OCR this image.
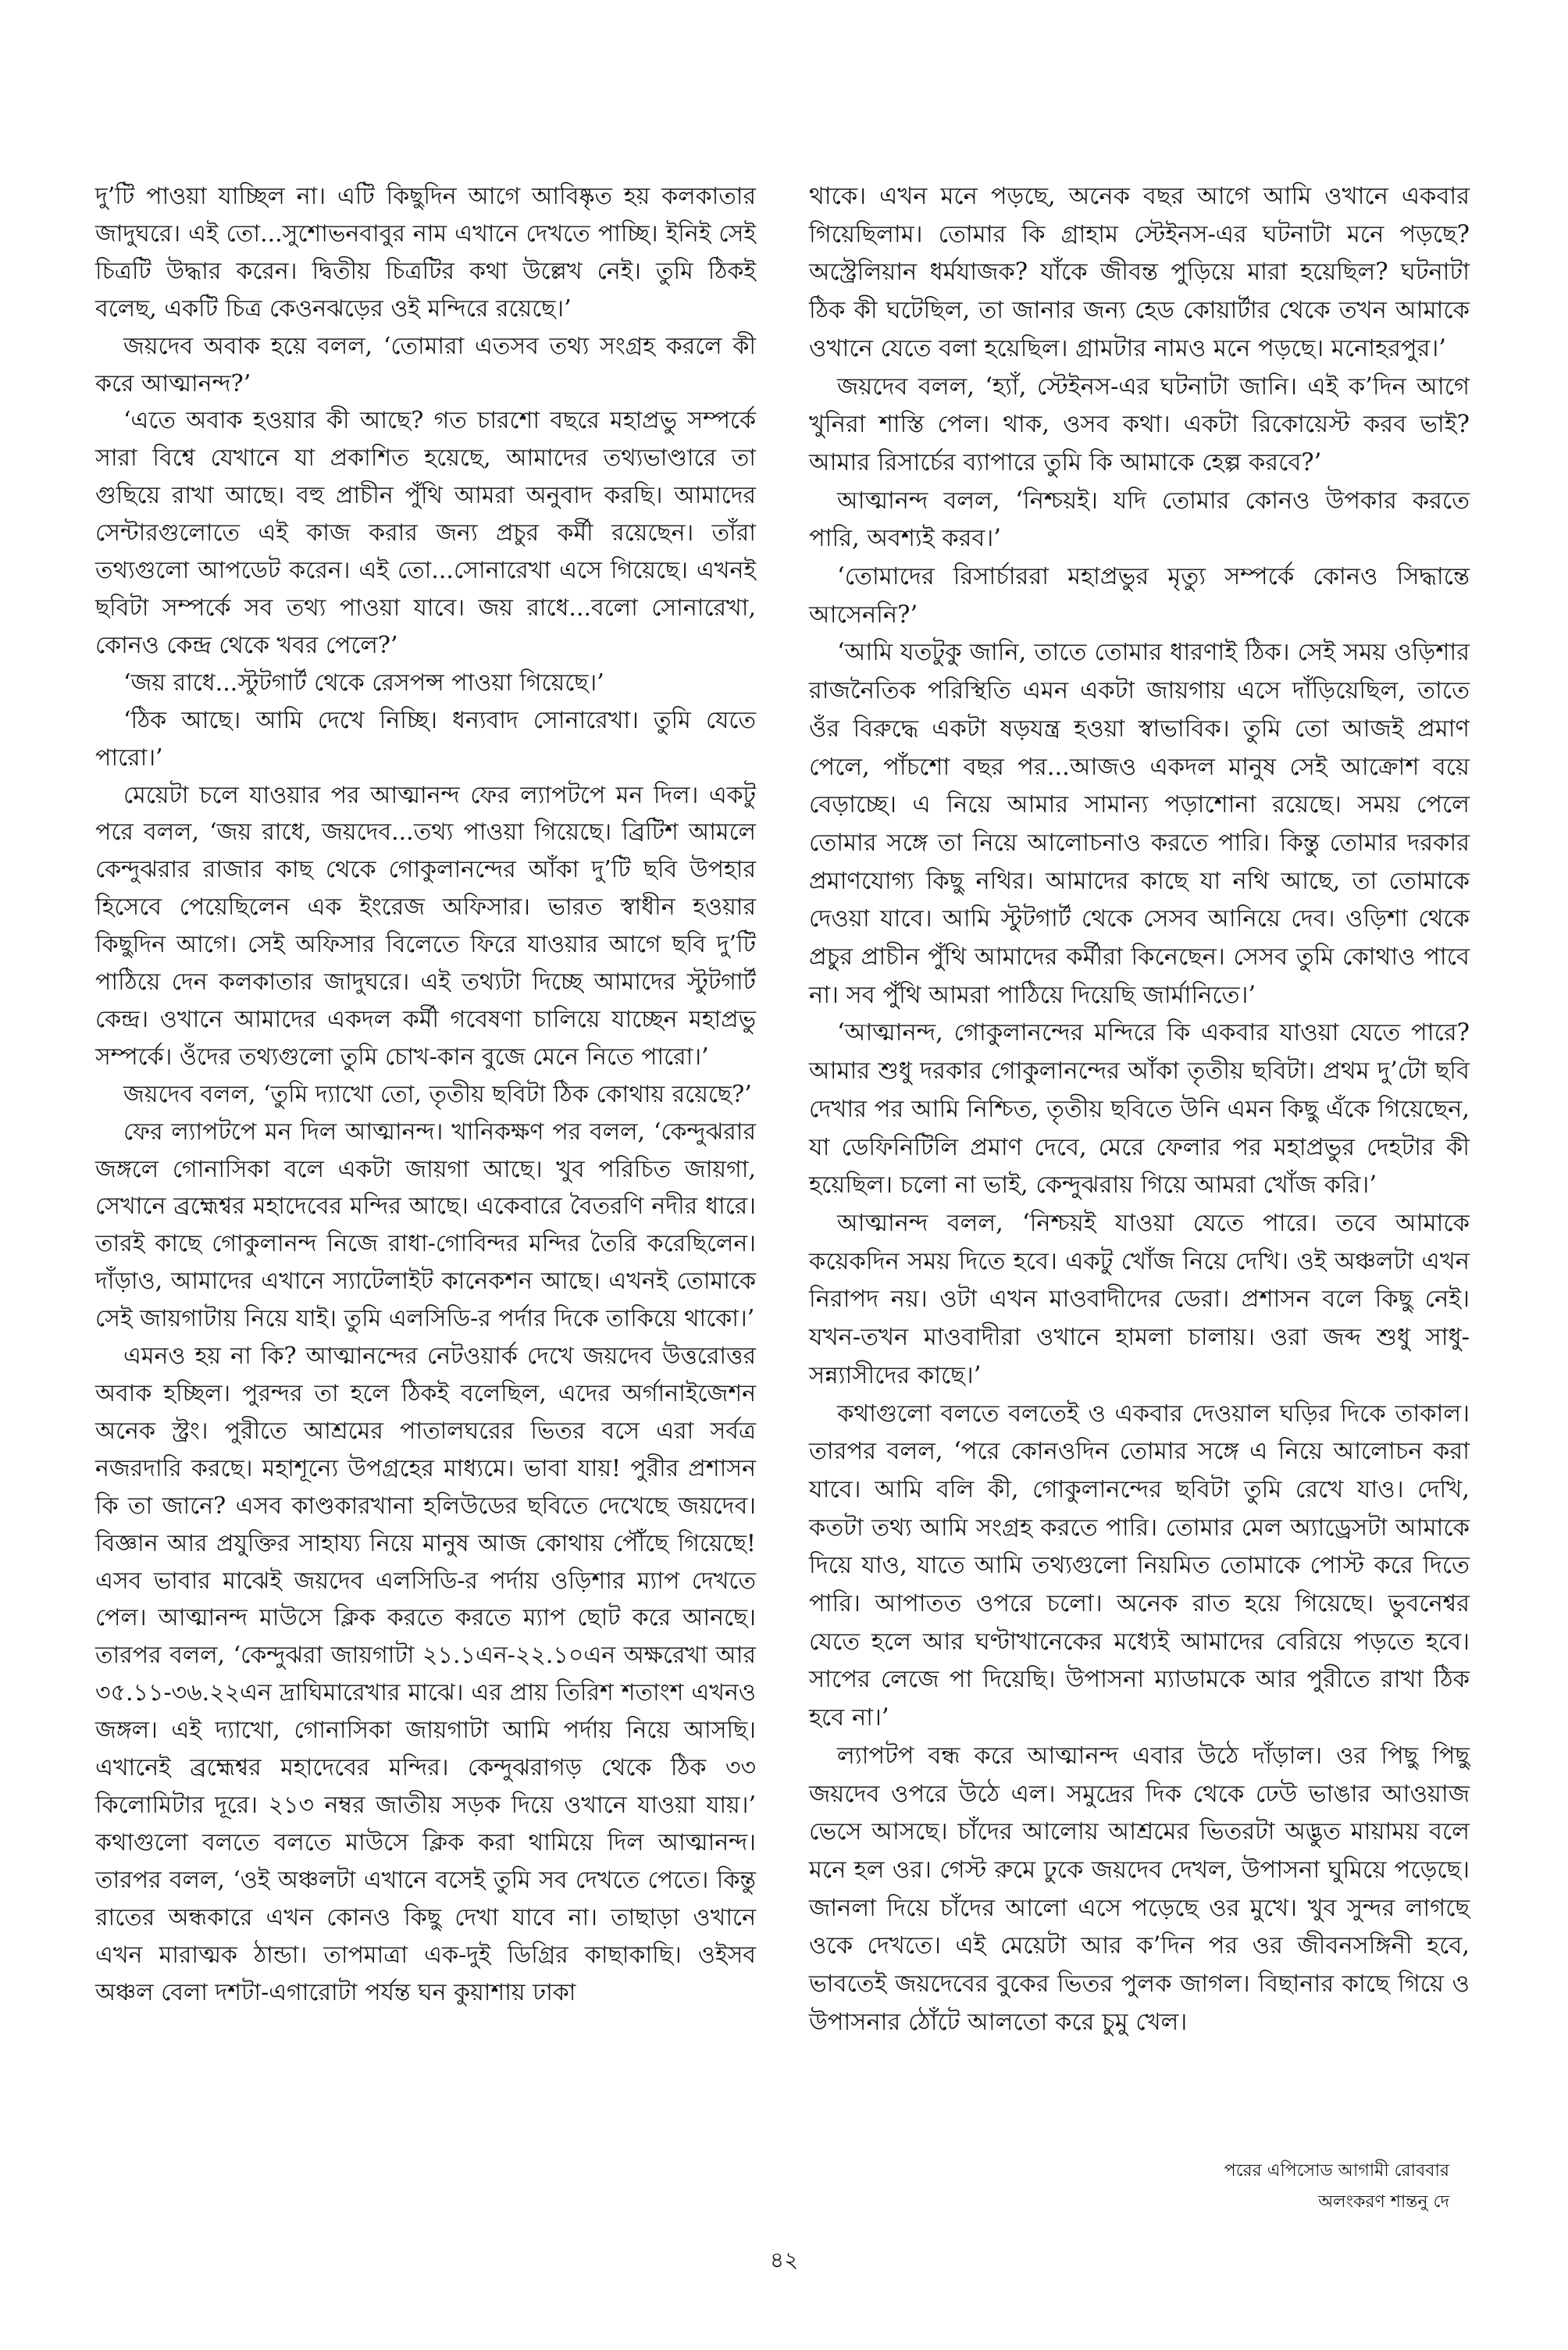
দু’টি পাওয়া যাচ্ছিল না। এটি কিছুদিন আগে আবিষ্কৃত হয় কলকাতার জাদুঘরে। এই তো...সুশোভনবাবুর নাম এখানে দেখতে পাচ্ছি। ইনিই সেই চিত্রটি উদ্ধার করেন। দ্বিতীয় চিত্রটির কথা উল্লেখ নেই। তুমি ঠিকই বলেছ, একটি চিত্র কেওনঝড়ের ওই মন্দিরে রয়েছে।’

জয়দেব অবাক হয়ে বলল, ‘তোমারা এতসব তথ্য সংগ্রহ করলে কী করে আত্মানন্দ?’

‘এতে অবাক হওয়ার কী আছে? গত চারশো বছরে মহাপ্রভু সম্পর্কে সারা বিশ্বে যেখানে যা প্রকাশিত হয়েছে, আমাদের তথ্যভাণ্ডারে তা গুছিয়ে রাখা আছে। বহু প্রাচীন পুঁথি আমরা অনুবাদ করছি। আমাদের সেন্টারগুলোতে এই কাজ করার জন্য প্রচুর কর্মী রয়েছেন। তাঁরা তথ্যগুলো আপডেট করেন। এই তো...সোনারেখা এসে গিয়েছে। এখনই ছবিটা সম্পর্কে সব তথ্য পাওয়া যাবে। জয় রাধে...বলো সোনারেখা, কোনও কেন্দ্র থেকে খবর পেলে?’

‘জয় রাধে...স্টুটগার্ট থেকে রেসপন্স পাওয়া গিয়েছে।’

‘ঠিক আছে। আমি দেখে নিচ্ছি। ধন্যবাদ সোনারেখা। তুমি যেতে পারো।’

মেয়েটা চলে যাওয়ার পর আত্মানন্দ ফের ল্যাপটপে মন দিল। একটু পরে বলল, ‘জয় রাধে, জয়দেব...তথ্য পাওয়া গিয়েছে। ব্রিটিশ আমলে কেন্দুঝরার রাজার কাছ থেকে গোকুলানন্দের আঁকা দু’টি ছবি উপহার হিসেবে পেয়েছিলেন এক ইংরেজ অফিসার। ভারত স্বাধীন হওয়ার কিছুদিন আগে। সেই অফিসার বিলেতে ফিরে যাওয়ার আগে ছবি দু’টি পাঠিয়ে দেন কলকাতার জাদুঘরে। এই তথ্যটা দিচ্ছে আমাদের স্টুটগার্ট কেন্দ্র। ওখানে আমাদের একদল কর্মী গবেষণা চালিয়ে যাচ্ছেন মহাপ্রভু সম্পর্কে। ওঁদের তথ্যগুলো তুমি চোখ-কান বুজে মেনে নিতে পারো।’

জয়দেব বলল, ‘তুমি দ্যাখো তো, তৃতীয় ছবিটা ঠিক কোথায় রয়েছে?’

ফের ল্যাপটপে মন দিল আত্মানন্দ। খানিকক্ষণ পর বলল, ‘কেন্দুঝরার জঙ্গলে গোনাসিকা বলে একটা জায়গা আছে। খুব পরিচিত জায়গা, সেখানে ব্রহ্মেশ্বর মহাদেবের মন্দির আছে। একেবারে বৈতরণি নদীর ধারে। তারই কাছে গোকুলানন্দ নিজে রাধা-গোবিন্দর মন্দির তৈরি করেছিলেন। দাঁড়াও, আমাদের এখানে স্যাটেলাইট কানেকশন আছে। এখনই তোমাকে সেই জায়গাটায় নিয়ে যাই। তুমি এলসিডি-র পর্দার দিকে তাকিয়ে থাকো।’

এমনও হয় না কি? আত্মানন্দের নেটওয়ার্ক দেখে জয়দেব উত্তরোত্তর অবাক হচ্ছিল। পুরন্দর তা হলে ঠিকই বলেছিল, এদের অর্গানাইজেশন অনেক স্ট্রং। পুরীতে আশ্রমের পাতালঘরের ভিতর বসে এরা সর্বত্র নজরদারি করছে। মহাশূন্যে উপগ্রহের মাধ্যমে। ভাবা যায়! পুরীর প্রশাসন কি তা জানে? এসব কাণ্ডকারখানা হলিউডের ছবিতে দেখেছে জয়দেব। বিজ্ঞান আর প্রযুক্তির সাহায্য নিয়ে মানুষ আজ কোথায় পৌঁছে গিয়েছে! এসব ভাবার মাঝেই জয়দেব এলসিডি-র পর্দায় ওড়িশার ম্যাপ দেখতে পেল। আত্মানন্দ মাউসে ক্লিক করতে করতে ম্যাপ ছোট করে আনছে। তারপর বলল, ‘কেন্দুঝরা জায়গাটা ২১.১এন-২২.১০এন অক্ষরেখা আর ৩৫.১১-৩৬.২২এন দ্রাঘিমারেখার মাঝে। এর প্রায় তিরিশ শতাংশ এখনও জঙ্গল। এই দ্যাখো, গোনাসিকা জায়গাটা আমি পর্দায় নিয়ে আসছি। এখানেই ব্রহ্মেশ্বর মহাদেবের মন্দির। কেন্দুঝরাগড় থেকে ঠিক ৩৩ কিলোমিটার দূরে। ২১৩ নম্বর জাতীয় সড়ক দিয়ে ওখানে যাওয়া যায়।’ কথাগুলো বলতে বলতে মাউসে ক্লিক করা থামিয়ে দিল আত্মানন্দ। তারপর বলল, ‘ওই অঞ্চলটা এখানে বসেই তুমি সব দেখতে পেতে। কিন্তু রাতের অন্ধকারে এখন কোনও কিছু দেখা যাবে না। তাছাড়া ওখানে এখন মারাত্মক ঠান্ডা। তাপমাত্রা এক-দুই ডিগ্রির কাছাকাছি। ওইসব অঞ্চল বেলা দশটা-এগারোটা পর্যন্ত ঘন কুয়াশায় ঢাকা

থাকে। এখন মনে পড়ছে, অনেক বছর আগে আমি ওখানে একবার গিয়েছিলাম। তোমার কি গ্রাহাম স্টেইনস-এর ঘটনাটা মনে পড়ছে? অস্ট্রেলিয়ান ধর্মযাজক? যাঁকে জীবন্ত পুড়িয়ে মারা হয়েছিল? ঘটনাটা ঠিক কী ঘটেছিল, তা জানার জন্য হেড কোয়ার্টার থেকে তখন আমাকে ওখানে যেতে বলা হয়েছিল। গ্রামটার নামও মনে পড়ছে। মনোহরপুর।’

জয়দেব বলল, ‘হ্যাঁ, স্টেইনস-এর ঘটনাটা জানি। এই ক’দিন আগে খুনিরা শাস্তি পেল। থাক, ওসব কথা। একটা রিকোয়েস্ট করব ভাই? আমার রিসার্চের ব্যাপারে তুমি কি আমাকে হেল্প করবে?’

আত্মানন্দ বলল, ‘নিশ্চয়ই। যদি তোমার কোনও উপকার করতে পারি, অবশ্যই করব।’

‘তোমাদের রিসার্চাররা মহাপ্রভুর মৃত্যু সম্পর্কে কোনও সিদ্ধান্তে আসেননি?’

‘আমি যতটুকু জানি, তাতে তোমার ধারণাই ঠিক। সেই সময় ওড়িশার রাজনৈতিক পরিস্থিতি এমন একটা জায়গায় এসে দাঁড়িয়েছিল, তাতে ওঁর বিরুদ্ধে একটা ষড়যন্ত্র হওয়া স্বাভাবিক। তুমি তো আজই প্রমাণ পেলে, পাঁচশো বছর পর...আজও একদল মানুষ সেই আক্রোশ বয়ে বেড়াচ্ছে। এ নিয়ে আমার সামান্য পড়াশোনা রয়েছে। সময় পেলে তোমার সঙ্গে তা নিয়ে আলোচনাও করতে পারি। কিন্তু তোমার দরকার প্রমাণযোগ্য কিছু নথির। আমাদের কাছে যা নথি আছে, তা তোমাকে দেওয়া যাবে। আমি স্টুটগার্ট থেকে সেসব আনিয়ে দেব। ওড়িশা থেকে প্রচুর প্রাচীন পুঁথি আমাদের কর্মীরা কিনেছেন। সেসব তুমি কোথাও পাবে না। সব পুঁথি আমরা পাঠিয়ে দিয়েছি জার্মানিতে।’

‘আত্মানন্দ, গোকুলানন্দের মন্দিরে কি একবার যাওয়া যেতে পারে? আমার শুধু দরকার গোকুলানন্দের আঁকা তৃতীয় ছবিটা। প্রথম দু’টো ছবি দেখার পর আমি নিশ্চিত, তৃতীয় ছবিতে উনি এমন কিছু এঁকে গিয়েছেন, যা ডেফিনিটিলি প্রমাণ দেবে, মেরে ফেলার পর মহাপ্রভুর দেহটার কী হয়েছিল। চলো না ভাই, কেন্দুঝরায় গিয়ে আমরা খোঁজ করি।’

আত্মানন্দ বলল, ‘নিশ্চয়ই যাওয়া যেতে পারে। তবে আমাকে কয়েকদিন সময় দিতে হবে। একটু খোঁজ নিয়ে দেখি। ওই অঞ্চলটা এখন নিরাপদ নয়। ওটা এখন মাওবাদীদের ডেরা। প্রশাসন বলে কিছু নেই। যখন-তখন মাওবাদীরা ওখানে হামলা চালায়। ওরা জব্দ শুধু সাধু-সন্ন্যাসীদের কাছে।’

কথাগুলো বলতে বলতেই ও একবার দেওয়াল ঘড়ির দিকে তাকাল। তারপর বলল, ‘পরে কোনওদিন তোমার সঙ্গে এ নিয়ে আলোচন করা যাবে। আমি বলি কী, গোকুলানন্দের ছবিটা তুমি রেখে যাও। দেখি, কতটা তথ্য আমি সংগ্রহ করতে পারি। তোমার মেল অ্যাড্রেসটা আমাকে দিয়ে যাও, যাতে আমি তথ্যগুলো নিয়মিত তোমাকে পোস্ট করে দিতে পারি। আপাতত ওপরে চলো। অনেক রাত হয়ে গিয়েছে। ভুবনেশ্বর যেতে হলে আর ঘণ্টাখানেকের মধ্যেই আমাদের বেরিয়ে পড়তে হবে। সাপের লেজে পা দিয়েছি। উপাসনা ম্যাডামকে আর পুরীতে রাখা ঠিক হবে না।’

ল্যাপটপ বন্ধ করে আত্মানন্দ এবার উঠে দাঁড়াল। ওর পিছু পিছু জয়দেব ওপরে উঠে এল। সমুদ্রের দিক থেকে ঢেউ ভাঙার আওয়াজ ভেসে আসছে। চাঁদের আলোয় আশ্রমের ভিতরটা অদ্ভুত মায়াময় বলে মনে হল ওর। গেস্ট রুমে ঢুকে জয়দেব দেখল, উপাসনা ঘুমিয়ে পড়েছে। জানলা দিয়ে চাঁদের আলো এসে পড়েছে ওর মুখে। খুব সুন্দর লাগছে ওকে দেখতে। এই মেয়েটা আর ক’দিন পর ওর জীবনসঙ্গিনী হবে, ভাবতেই জয়দেবের বুকের ভিতর পুলক জাগল। বিছানার কাছে গিয়ে ও উপাসনার ঠোঁটে আলতো করে চুমু খেল।

পরের এপিসোড আগামী রোববার
অলংকরণ শান্তনু দে
৪২
